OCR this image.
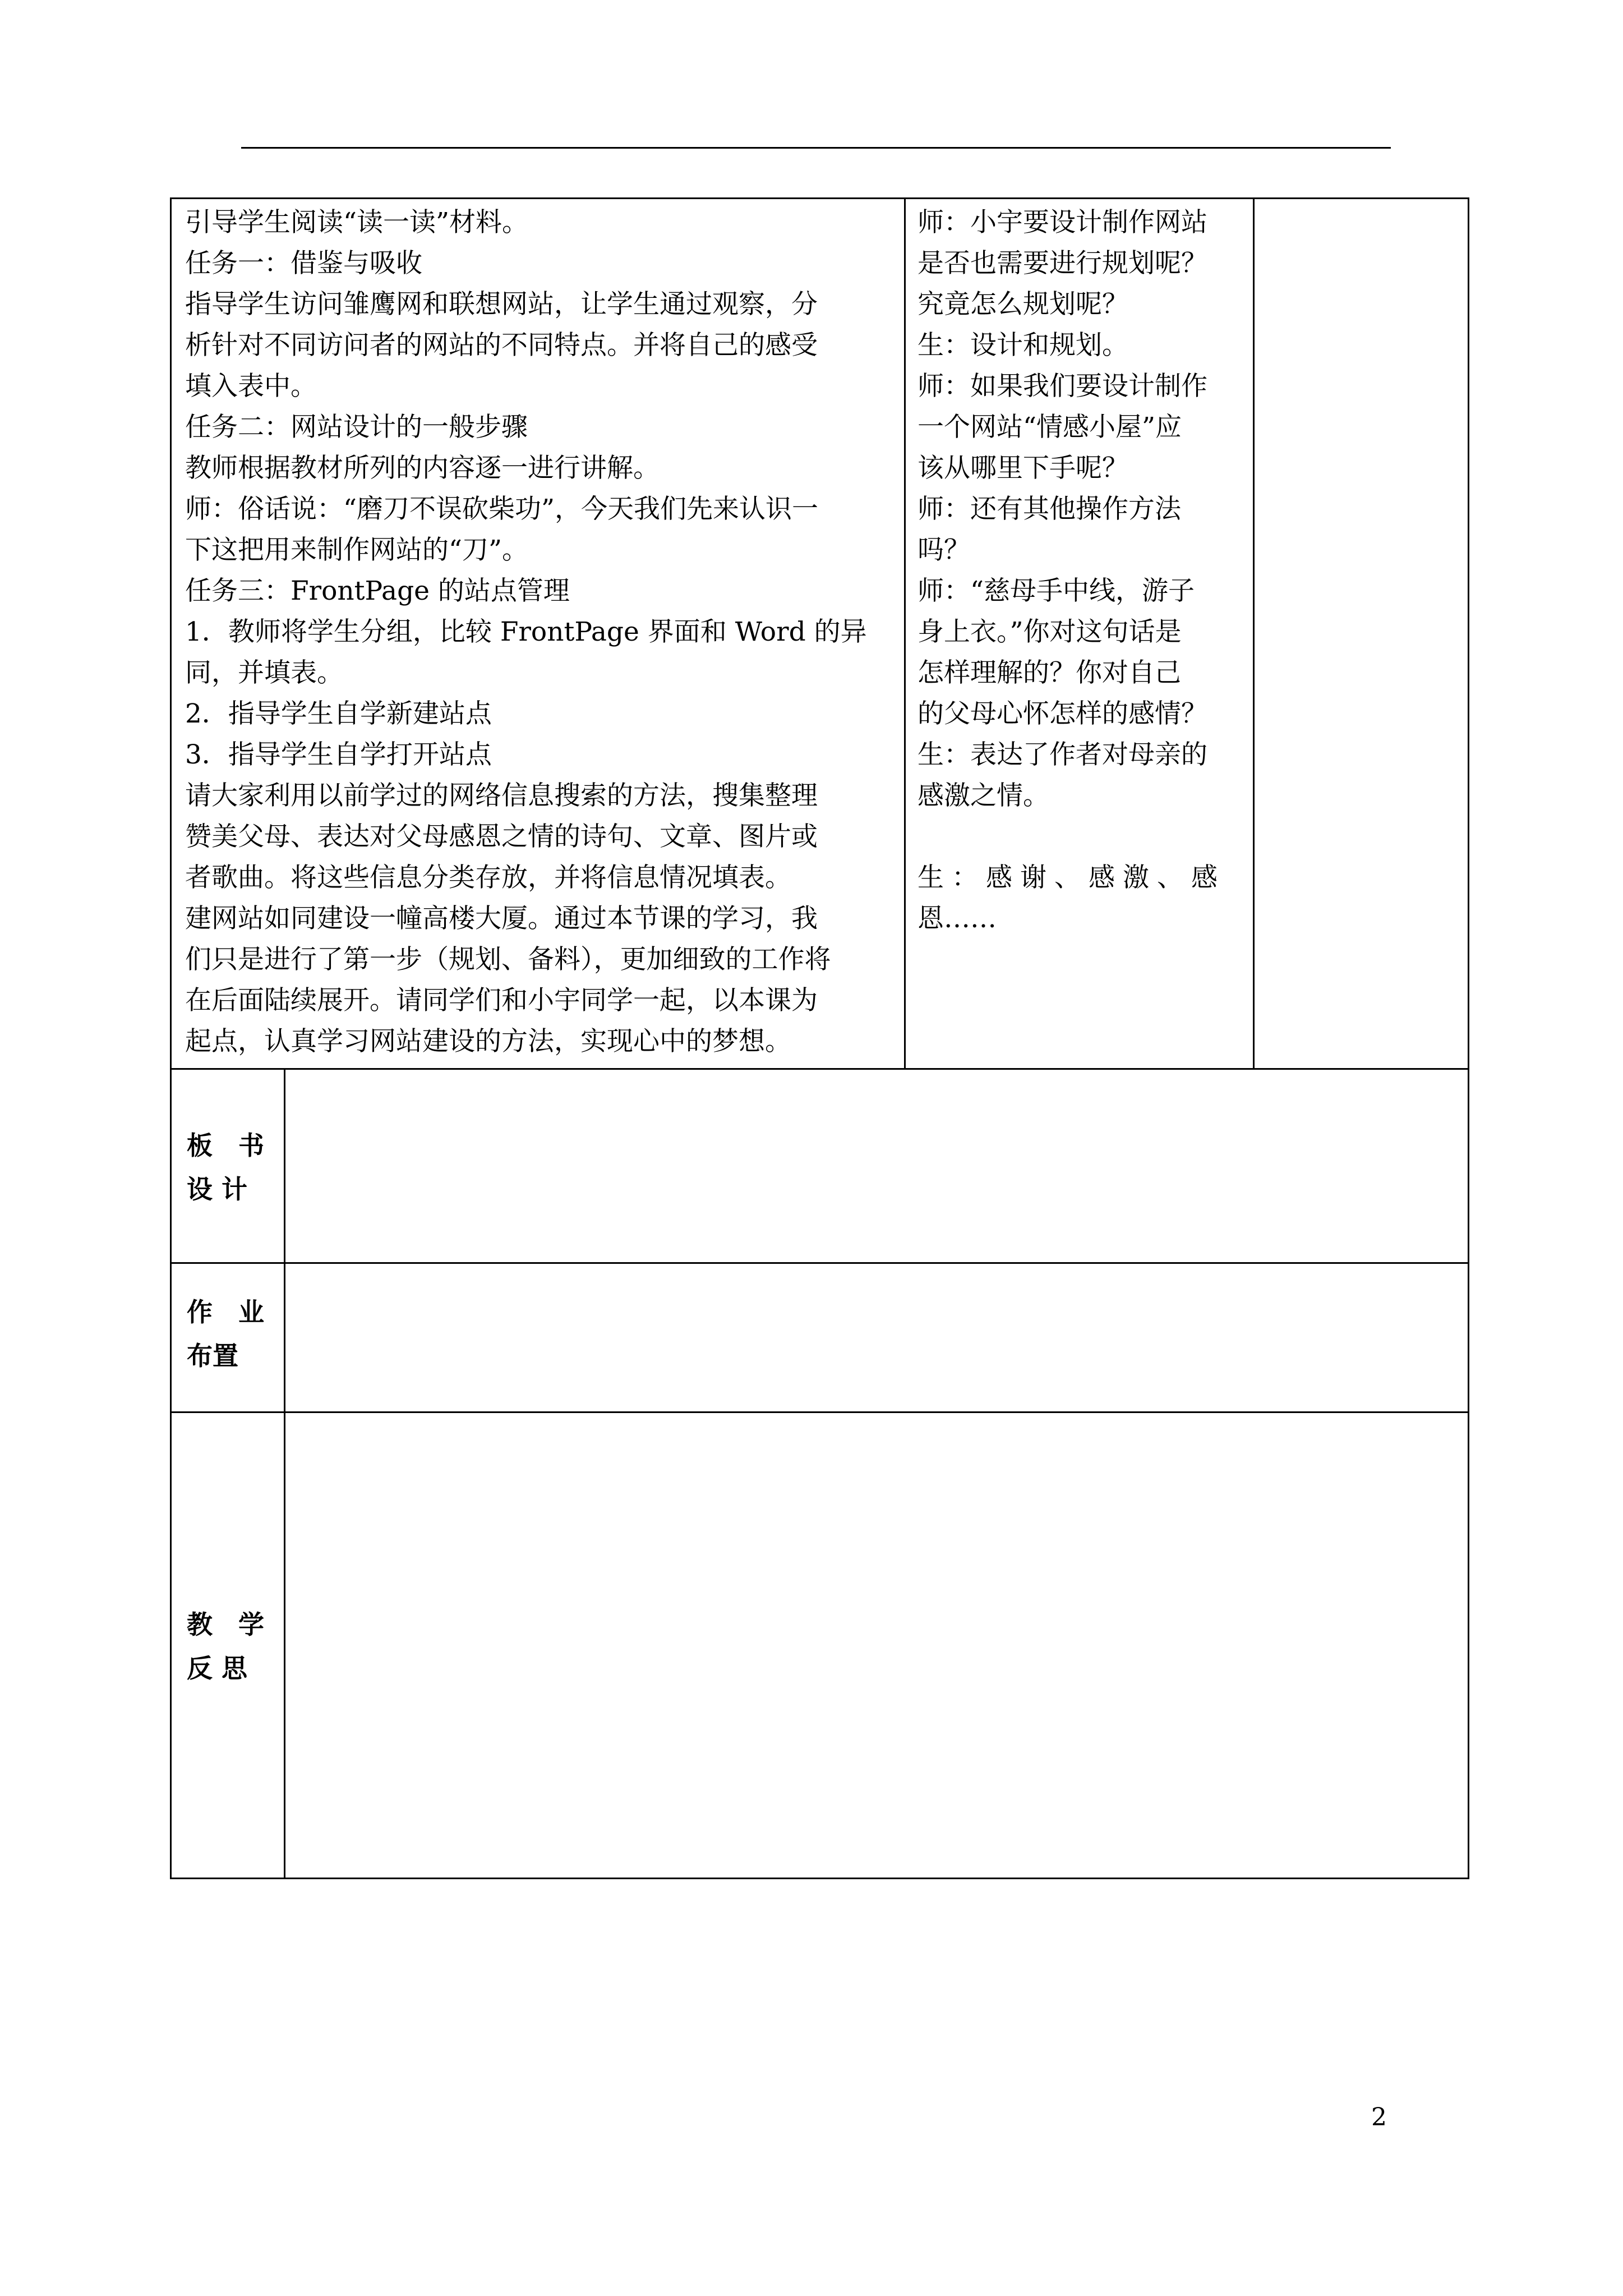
引导学生阅读“读一读”材料。
任务一：借鉴与吸收
指导学生访问雏鹰网和联想网站，让学生通过观察，分
析针对不同访问者的网站的不同特点。并将自己的感受
填入表中。
任务二：网站设计的一般步骤
教师根据教材所列的内容逐一进行讲解。
师：俗话说：“磨刀不误砍柴功”，今天我们先来认识一
下这把用来制作网站的“刀”。
任务三：FrontPage 的站点管理
1．教师将学生分组，比较 FrontPage 界面和 Word 的异
同，并填表。
2．指导学生自学新建站点
3．指导学生自学打开站点
请大家利用以前学过的网络信息搜索的方法，搜集整理
赞美父母、表达对父母感恩之情的诗句、文章、图片或
者歌曲。将这些信息分类存放，并将信息情况填表。
建网站如同建设一幢高楼大厦。通过本节课的学习，我
们只是进行了第一步（规划、备料），更加细致的工作将
在后面陆续展开。请同学们和小宇同学一起，以本课为
起点，认真学习网站建设的方法，实现心中的梦想。
师：小宇要设计制作网站
是否也需要进行规划呢？
究竟怎么规划呢？
生：设计和规划。
师：如果我们要设计制作
一个网站“情感小屋”应
该从哪里下手呢？
师：还有其他操作方法
吗？
师：“慈母手中线，游子
身上衣。”你对这句话是
怎样理解的？你对自己
的父母心怀怎样的感情？
生：表达了作者对母亲的
感激之情。
生：感谢、感激、感
恩……
板　书
设 计
作　业
布置
教　学
反 思
2
